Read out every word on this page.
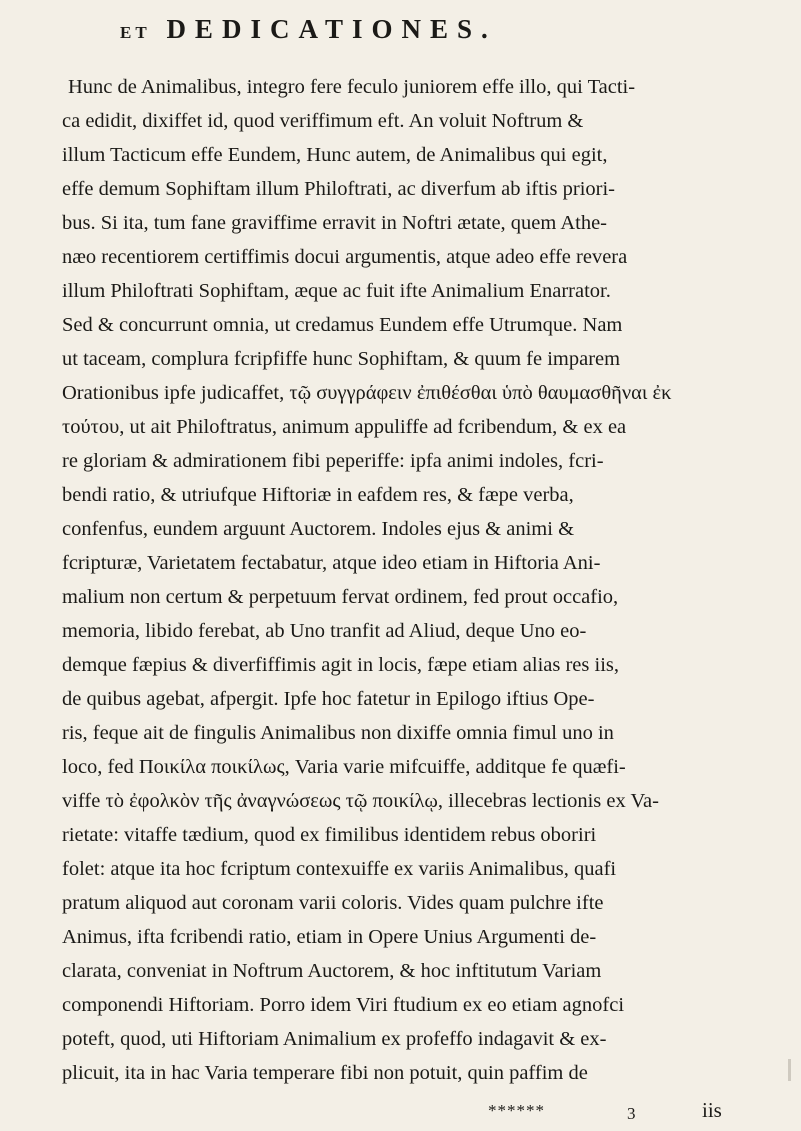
ET DEDICATIONES.
Hunc de Animalibus, integro fere feculo juniorem effe illo, qui Tacti-
ca edidit, dixiffet id, quod veriffimum eft. An voluit Noftrum &
illum Tacticum effe Eundem, Hunc autem, de Animalibus qui egit,
effe demum Sophiftam illum Philoftrati, ac diverfum ab iftis priori-
bus. Si ita, tum fane graviffime erravit in Noftri ætate, quem Athe-
næo recentiorem certiffimis docui argumentis, atque adeo effe revera
illum Philoftrati Sophiftam, æque ac fuit ifte Animalium Enarrator.
Sed & concurrunt omnia, ut credamus Eundem effe Utrumque. Nam
ut taceam, complura fcripfiffe hunc Sophiftam, & quum fe imparem
Orationibus ipfe judicaffet, τῷ συγγράφειν ἐπιθέσθαι ὑπὸ θαυμασθῆναι ἐκ
τούτου, ut ait Philoftratus, animum appuliffe ad fcribendum, & ex ea
re gloriam & admirationem fibi peperiffe: ipfa animi indoles, fcri-
bendi ratio, & utriufque Hiftoriæ in eafdem res, & fæpe verba,
confenfus, eundem arguunt Auctorem. Indoles ejus & animi &
fcripturæ, Varietatem fectabatur, atque ideo etiam in Hiftoria Ani-
malium non certum & perpetuum fervat ordinem, fed prout occafio,
memoria, libido ferebat, ab Uno tranfit ad Aliud, deque Uno eo-
demque fæpius & diverfiffimis agit in locis, fæpe etiam alias res iis,
de quibus agebat, afpergit. Ipfe hoc fatetur in Epilogo iftius Ope-
ris, feque ait de fingulis Animalibus non dixiffe omnia fimul uno in
loco, fed Ποικίλα ποικίλως, Varia varie mifcuiffe, additque fe quæfi-
viffe τὸ ἐφολκὸν τῆς ἀναγνώσεως τῷ ποικίλῳ, illecebras lectionis ex Va-
rietate: vitaffe tædium, quod ex fimilibus identidem rebus oboriri
folet: atque ita hoc fcriptum contexuiffe ex variis Animalibus, quafi
pratum aliquod aut coronam varii coloris. Vides quam pulchre ifte
Animus, ifta fcribendi ratio, etiam in Opere Unius Argumenti de-
clarata, conveniat in Noftrum Auctorem, & hoc inftitutum Variam
componendi Hiftoriam. Porro idem Viri ftudium ex eo etiam agnofci
poteft, quod, uti Hiftoriam Animalium ex profeffo indagavit & ex-
plicuit, ita in hac Varia temperare fibi non potuit, quin paffim de
******	3	iis
